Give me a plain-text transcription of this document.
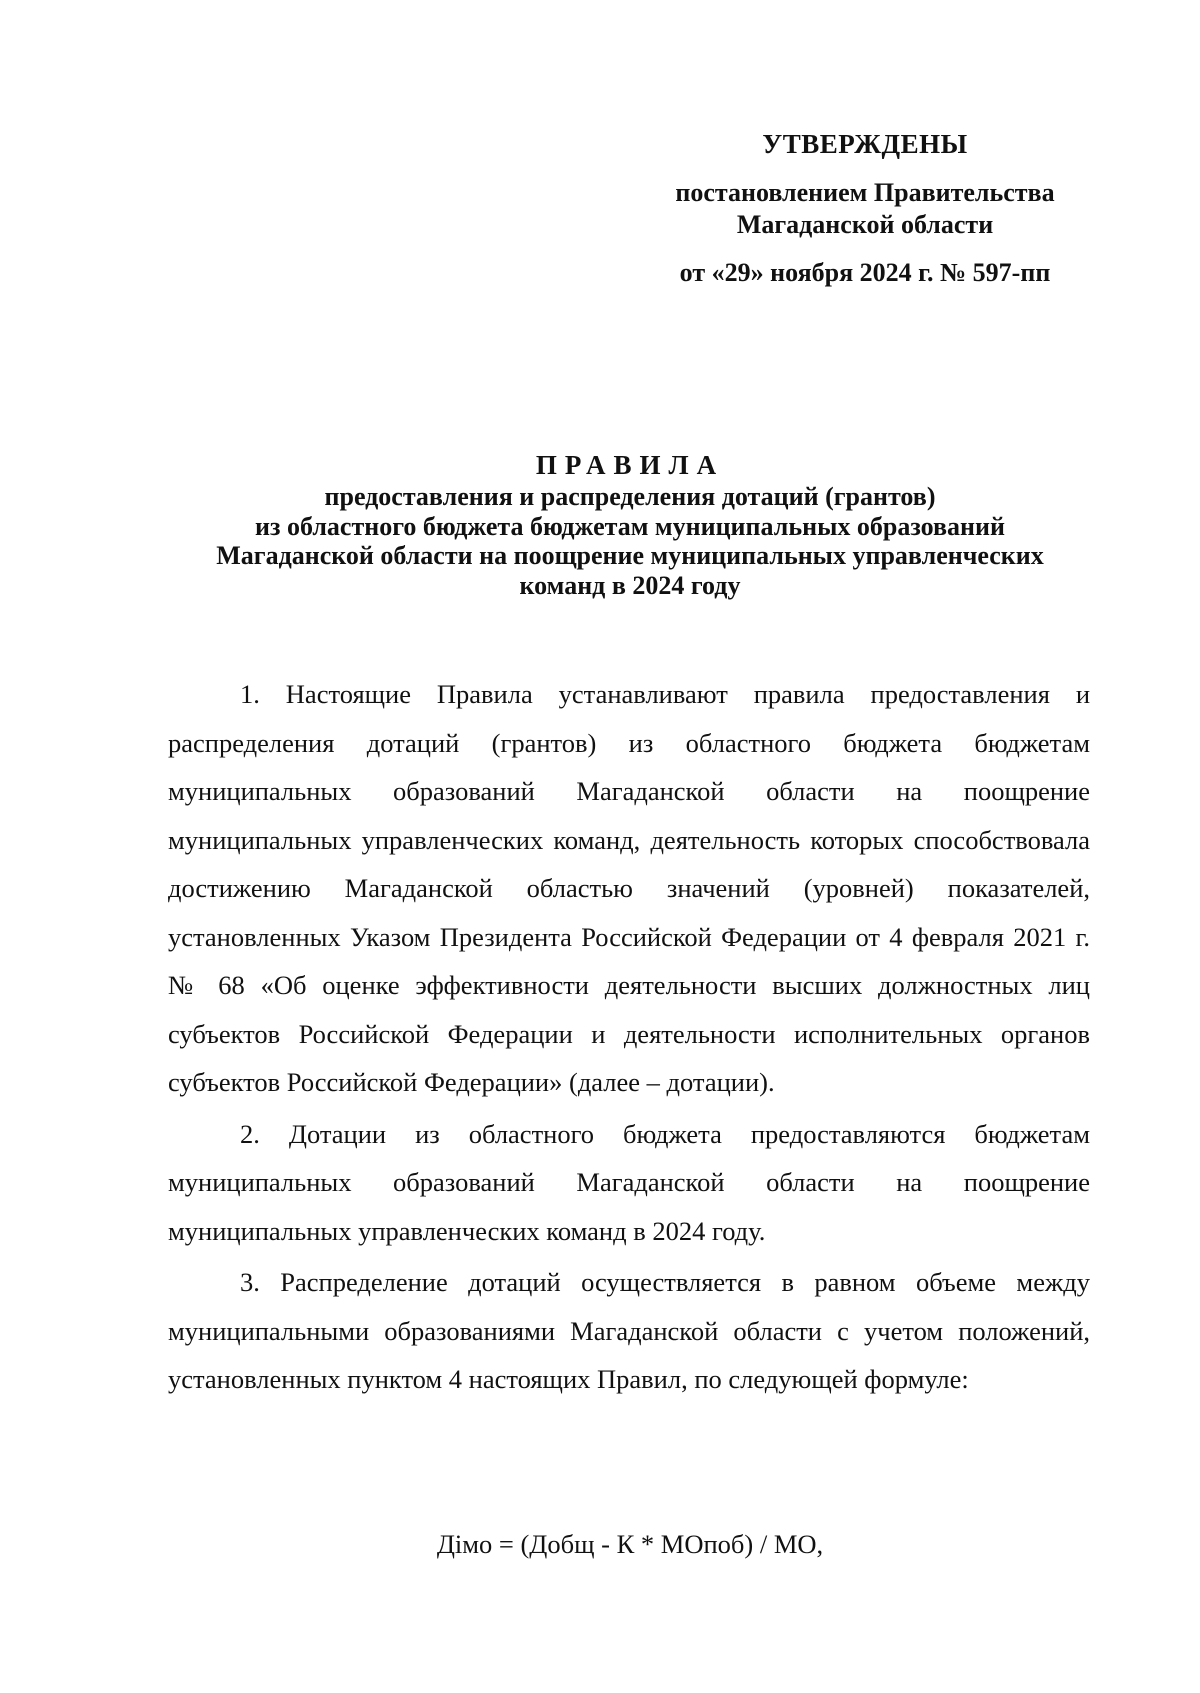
УТВЕРЖДЕНЫ
постановлением Правительства
Магаданской области
от «29» ноября 2024 г. № 597-пп
ПРАВИЛА
предоставления и распределения дотаций (грантов)
из областного бюджета бюджетам муниципальных образований
Магаданской области на поощрение муниципальных управленческих
команд в 2024 году

1. Настоящие Правила устанавливают правила предоставления и распределения дотаций (грантов) из областного бюджета бюджетам муниципальных образований Магаданской области на поощрение муниципальных управленческих команд, деятельность которых способствовала достижению Магаданской областью значений (уровней) показателей, установленных Указом Президента Российской Федерации от 4 февраля 2021 г. № 68 «Об оценке эффективности деятельности высших должностных лиц субъектов Российской Федерации и деятельности исполнительных органов субъектов Российской Федерации» (далее – дотации).

2. Дотации из областного бюджета предоставляются бюджетам муниципальных образований Магаданской области на поощрение муниципальных управленческих команд в 2024 году.

3. Распределение дотаций осуществляется в равном объеме между муниципальными образованиями Магаданской области с учетом положений, установленных пунктом 4 настоящих Правил, по следующей формуле:

Дімо = (Добщ - К * МОпоб) / МО,
